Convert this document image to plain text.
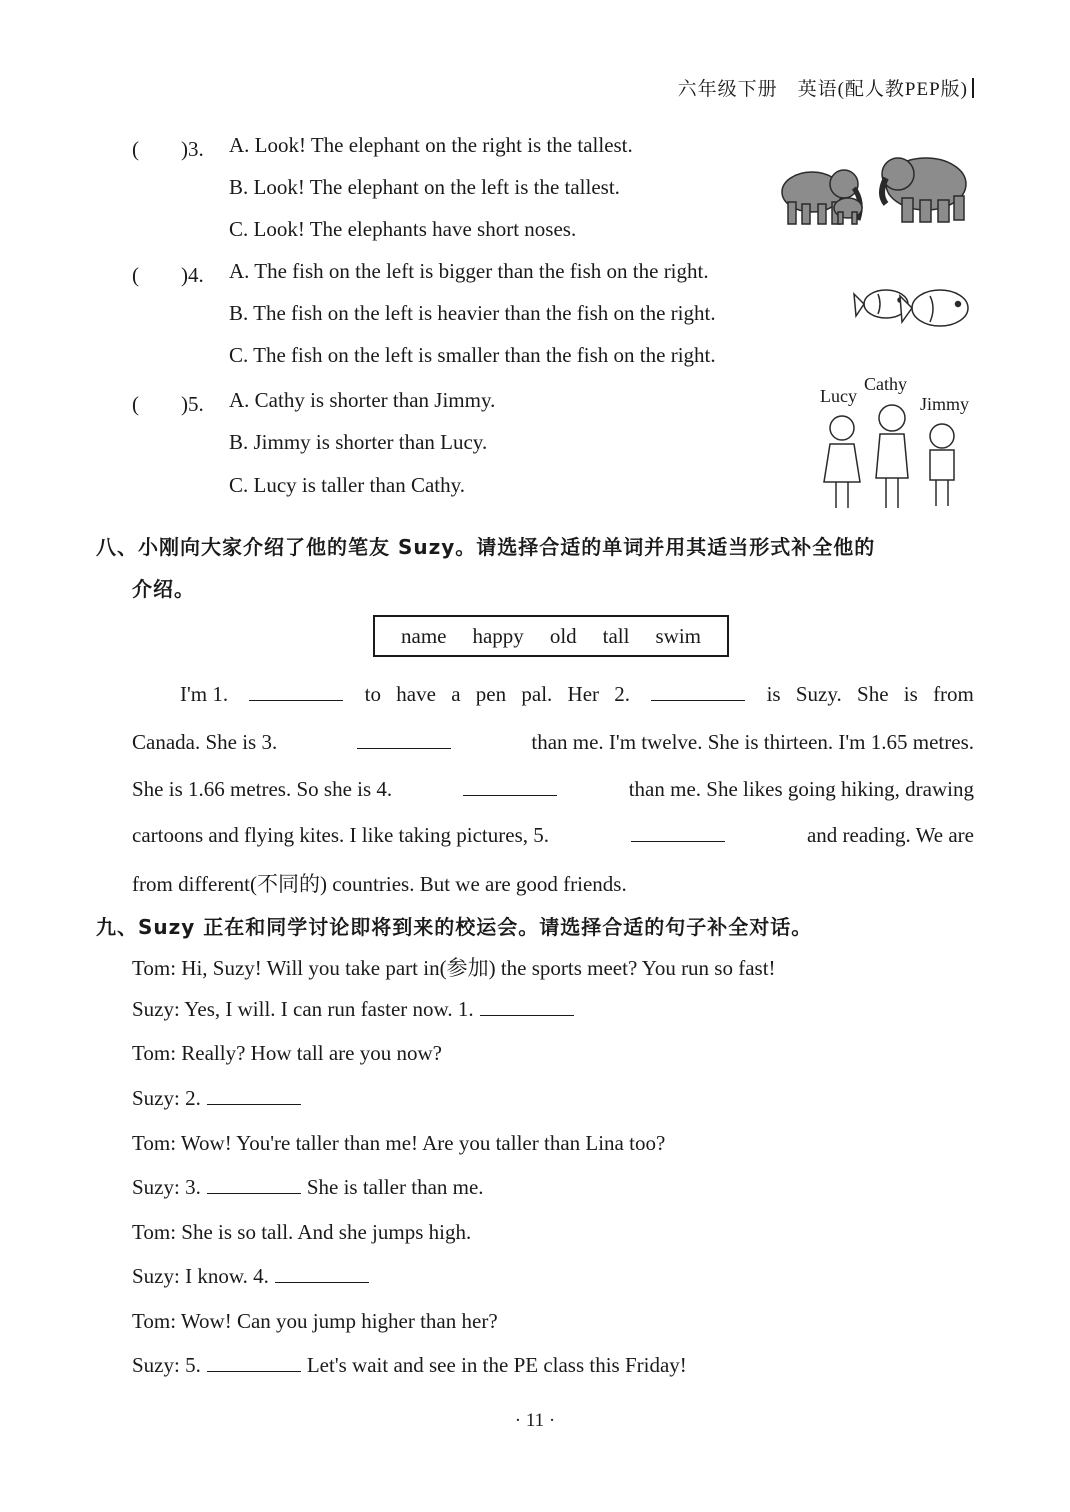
六年级下册　英语(配人教PEP版)
(　　)3. A. Look! The elephant on the right is the tallest.
B. Look! The elephant on the left is the tallest.
C. Look! The elephants have short noses.
(　　)4. A. The fish on the left is bigger than the fish on the right.
B. The fish on the left is heavier than the fish on the right.
C. The fish on the left is smaller than the fish on the right.
(　　)5. A. Cathy is shorter than Jimmy.
B. Jimmy is shorter than Lucy.
C. Lucy is taller than Cathy.
Lucy
Cathy
Jimmy
八、小刚向大家介绍了他的笔友 Suzy。请选择合适的单词并用其适当形式补全他的
介绍。
name happy old tall swim
I'm 1.	to have a pen pal. Her 2.	is Suzy. She is from
Canada. She is 3.	than me. I'm twelve. She is thirteen. I'm 1.65 metres.
She is 1.66 metres. So she is 4.	than me. She likes going hiking, drawing
cartoons and flying kites. I like taking pictures, 5.	and reading. We are
from different(不同的) countries. But we are good friends.
九、Suzy 正在和同学讨论即将到来的校运会。请选择合适的句子补全对话。
Tom: Hi, Suzy! Will you take part in(参加) the sports meet? You run so fast!
Suzy: Yes, I will. I can run faster now. 1.
Tom: Really? How tall are you now?
Suzy: 2.
Tom: Wow! You're taller than me! Are you taller than Lina too?
Suzy: 3.	She is taller than me.
Tom: She is so tall. And she jumps high.
Suzy: I know. 4.
Tom: Wow! Can you jump higher than her?
Suzy: 5.	Let's wait and see in the PE class this Friday!
· 11 ·
